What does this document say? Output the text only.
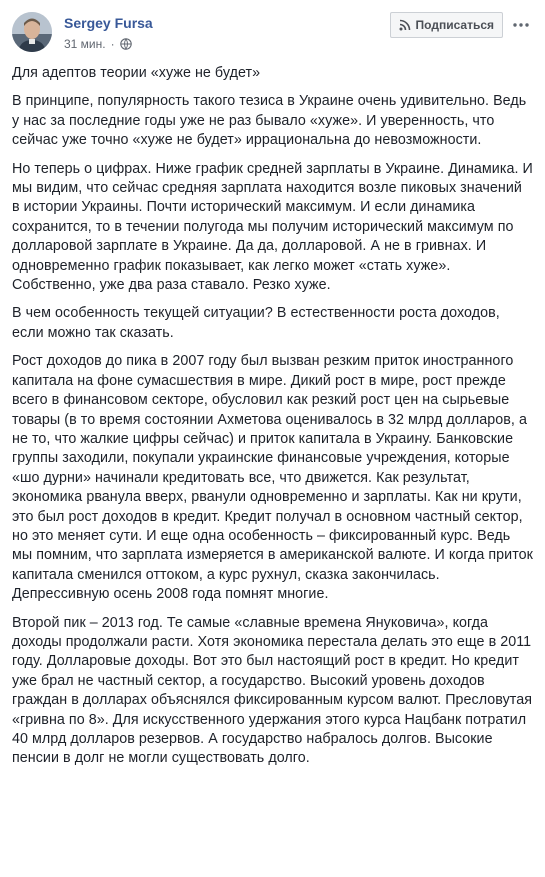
Sergey Fursa
31 мин. ·
Подписаться

Для адептов теории «хуже не будет»

В принципе, популярность такого тезиса в Украине очень удивительно. Ведь у нас за последние годы уже не раз бывало «хуже». И уверенность, что сейчас уже точно «хуже не будет» иррациональна до невозможности.

Но теперь о цифрах. Ниже график средней зарплаты в Украине. Динамика. И мы видим, что сейчас средняя зарплата находится возле пиковых значений в истории Украины. Почти исторический максимум. И если динамика сохранится, то в течении полугода мы получим исторический максимум по долларовой зарплате в Украине. Да да, долларовой. А не в гривнах. И одновременно график показывает, как легко может «стать хуже». Собственно, уже два раза ставало. Резко хуже.

В чем особенность текущей ситуации? В естественности роста доходов, если можно так сказать.

Рост доходов до пика в 2007 году был вызван резким приток иностранного капитала на фоне сумасшествия в мире. Дикий рост в мире, рост прежде всего в финансовом секторе, обусловил как резкий рост цен на сырьевые товары (в то время состоянии Ахметова оценивалось в 32 млрд долларов, а не то, что жалкие цифры сейчас) и приток капитала в Украину. Банковские группы заходили, покупали украинские финансовые учреждения, которые «шо дурни» начинали кредитовать все, что движется. Как результат, экономика рванула вверх, рванули одновременно и зарплаты. Как ни крути, это был рост доходов в кредит. Кредит получал в основном частный сектор, но это меняет сути. И еще одна особенность – фиксированный курс. Ведь мы помним, что зарплата измеряется в американской валюте. И когда приток капитала сменился оттоком, а курс рухнул, сказка закончилась. Депрессивную осень 2008 года помнят многие.

Второй пик – 2013 год. Те самые «славные времена Януковича», когда доходы продолжали расти. Хотя экономика перестала делать это еще в 2011 году. Долларовые доходы. Вот это был настоящий рост в кредит. Но кредит уже брал не частный сектор, а государство. Высокий уровень доходов граждан в долларах объяснялся фиксированным курсом валют. Пресловутая «гривна по 8». Для искусственного удержания этого курса Нацбанк потратил 40 млрд долларов резервов. А государство набралось долгов. Высокие пенсии в долг не могли существовать долго.
